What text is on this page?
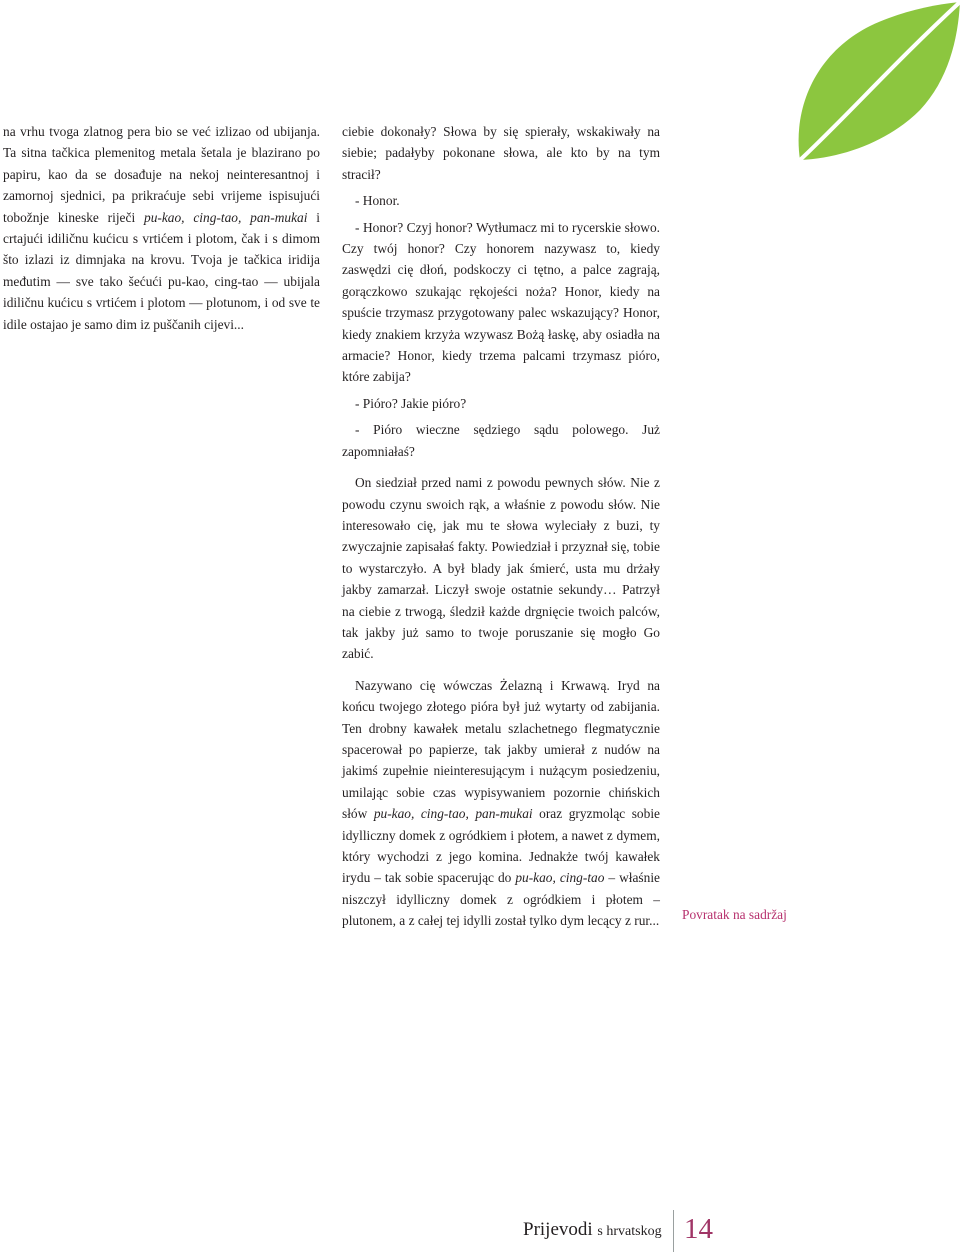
na vrhu tvoga zlatnog pera bio se već izlizao od ubijanja. Ta sitna tačkica plemenitog metala šetala je blazirano po papiru, kao da se dosađuje na nekoj neinteresantnoj i zamornoj sjednici, pa prikraćuje sebi vrijeme ispisujući tobožnje kineske riječi pu-kao, cing-tao, pan-mukai i crtajući idiličnu kućicu s vrtićem i plotom, čak i s dimom što izlazi iz dimnjaka na krovu. Tvoja je tačkica iridija međutim — sve tako šećući pu-kao, cing-tao — ubijala idiličnu kućicu s vrtićem i plotom — plotunom, i od sve te idile ostajao je samo dim iz puščanih cijevi...

ciebie dokonały? Słowa by się spierały, wskakiwały na siebie; padałyby pokonane słowa, ale kto by na tym stracił?

- Honor.

- Honor? Czyj honor? Wytłumacz mi to rycerskie słowo. Czy twój honor? Czy honorem nazywasz to, kiedy zaswędzi cię dłoń, podskoczy ci tętno, a palce zagrają, gorączkowo szukając rękojeści noża? Honor, kiedy na spuście trzymasz przygotowany palec wskazujący? Honor, kiedy znakiem krzyża wzywasz Bożą łaskę, aby osiadła na armacie? Honor, kiedy trzema palcami trzymasz pióro, które zabija?

- Pióro? Jakie pióro?

- Pióro wieczne sędziego sądu polowego. Już zapomniałaś?

On siedział przed nami z powodu pewnych słów. Nie z powodu czynu swoich rąk, a właśnie z powodu słów. Nie interesowało cię, jak mu te słowa wyleciały z buzi, ty zwyczajnie zapisałaś fakty. Powiedział i przyznał się, tobie to wystarczyło. A był blady jak śmierć, usta mu drżały jakby zamarzał. Liczył swoje ostatnie sekundy… Patrzył na ciebie z trwogą, śledził każde drgnięcie twoich palców, tak jakby już samo to twoje poruszanie się mogło Go zabić.

Nazywano cię wówczas Żelazną i Krwawą. Iryd na końcu twojego złotego pióra był już wytarty od zabijania. Ten drobny kawałek metalu szlachetnego flegmatycznie spacerował po papierze, tak jakby umierał z nudów na jakimś zupełnie nieinteresującym i nużącym posiedzeniu, umilając sobie czas wypisywaniem pozornie chińskich słów pu-kao, cing-tao, pan-mukai oraz gryzmoląc sobie idylliczny domek z ogródkiem i płotem, a nawet z dymem, który wychodzi z jego komina. Jednakże twój kawałek irydu – tak sobie spacerując do pu-kao, cing-tao – właśnie niszczył idylliczny domek z ogródkiem i płotem – plutonem, a z całej tej idylli został tylko dym lecący z rur... Povratak na sadržaj
Prijevodi s hrvatskog 14
